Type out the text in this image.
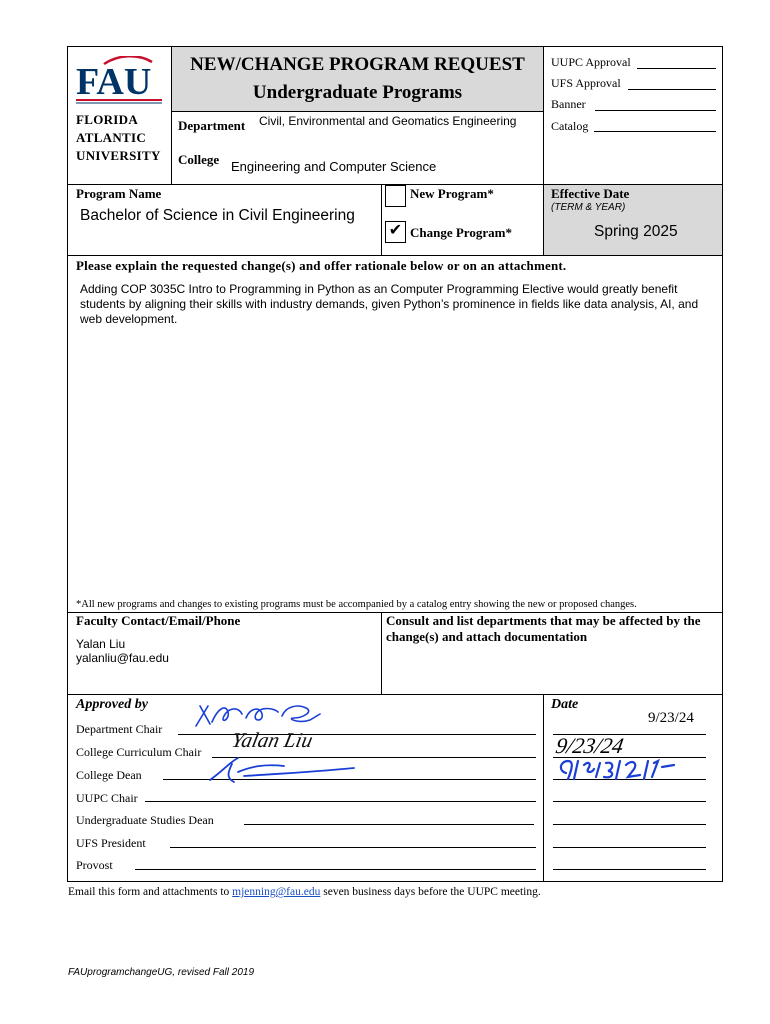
FAU
FLORIDA
ATLANTIC
UNIVERSITY
NEW/CHANGE PROGRAM REQUEST
Undergraduate Programs
Department Civil, Environmental and Geomatics Engineering
College Engineering and Computer Science
UUPC Approval
UFS Approval
Banner
Catalog
Program Name
Bachelor of Science in Civil Engineering
New Program*
✔ Change Program*
Effective Date
(TERM & YEAR)
Spring 2025
Please explain the requested change(s) and offer rationale below or on an attachment.
Adding COP 3035C Intro to Programming in Python as an Computer Programming Elective would greatly benefit students by aligning their skills with industry demands, given Python’s prominence in fields like data analysis, AI, and web development.
*All new programs and changes to existing programs must be accompanied by a catalog entry showing the new or proposed changes.
Faculty Contact/Email/Phone
Yalan Liu
yalanliu@fau.edu
Consult and list departments that may be affected by the change(s) and attach documentation
Approved by	Date
Department Chair
9/23/24
College Curriculum Chair	9/23/24
College Dean
UUPC Chair
Undergraduate Studies Dean
UFS President
Provost
Yalan Liu
Email this form and attachments to mjenning@fau.edu seven business days before the UUPC meeting.
FAUprogramchangeUG, revised Fall 2019
